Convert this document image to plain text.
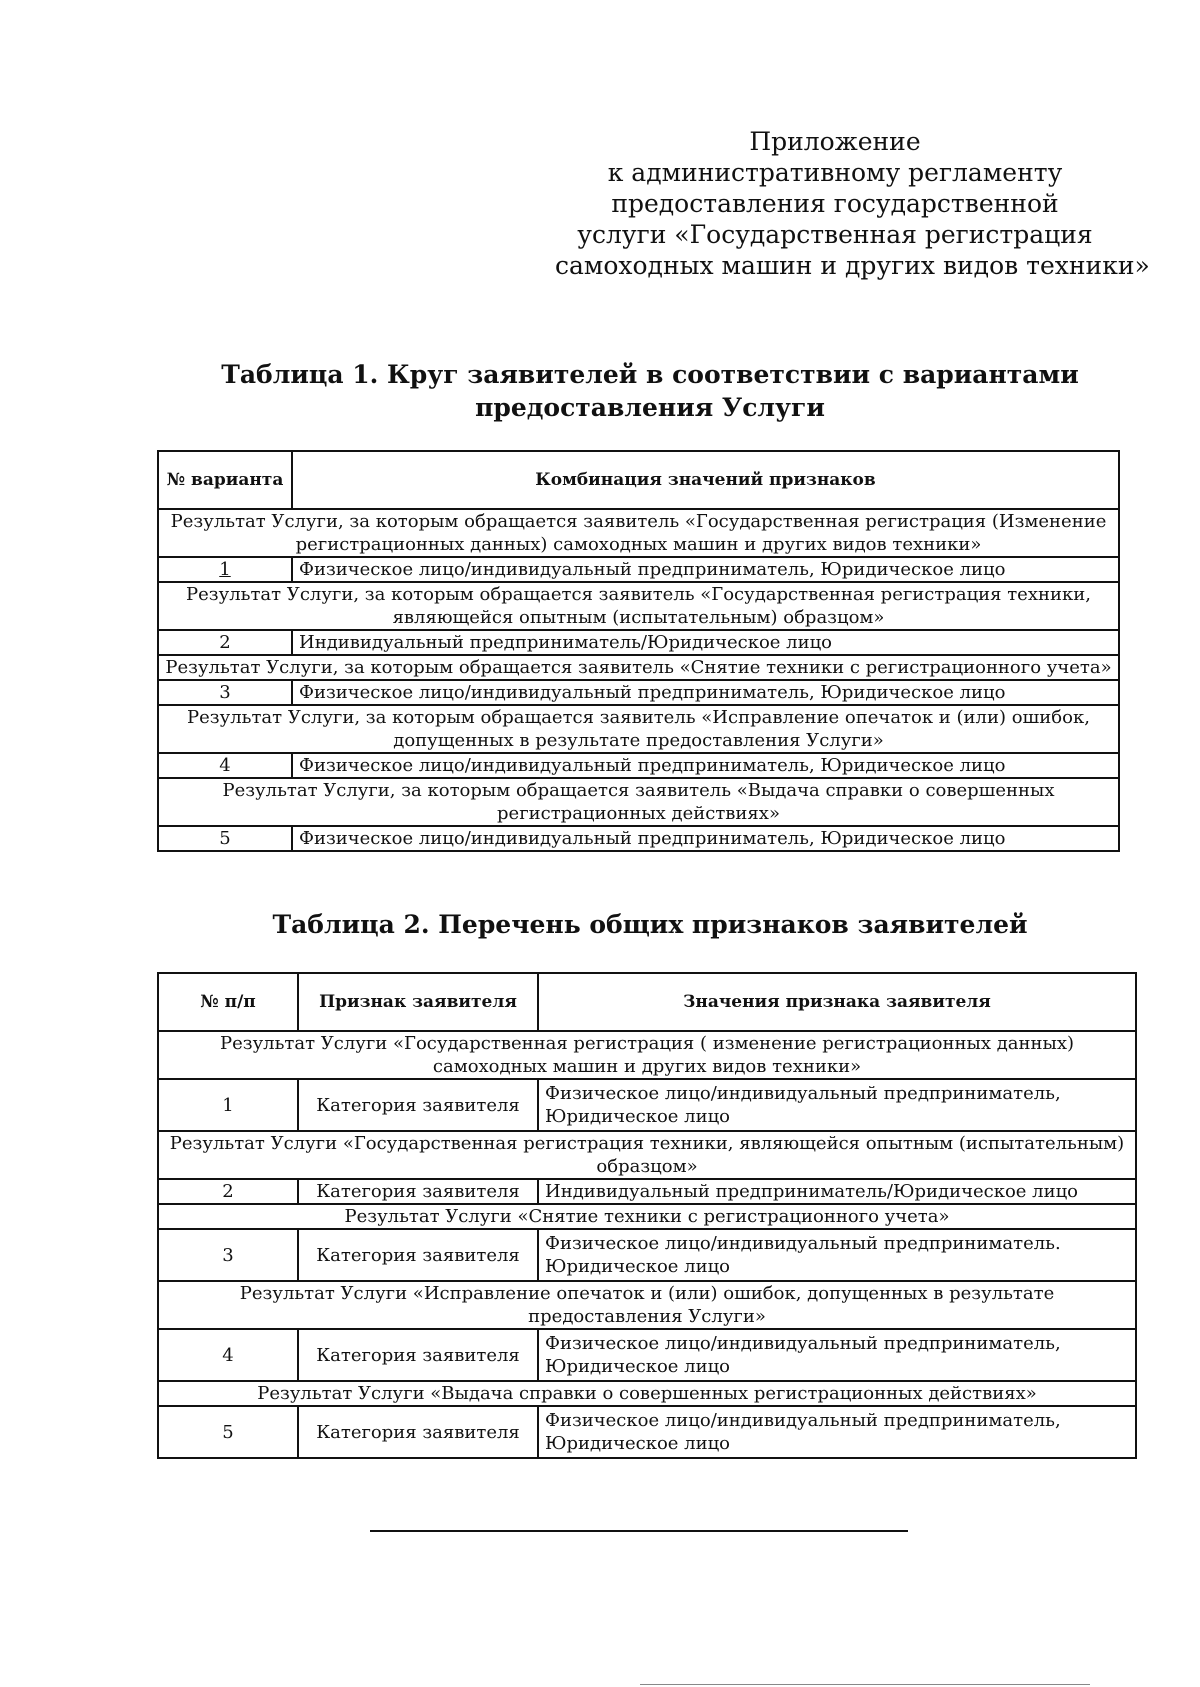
Приложение
к административному регламенту
предоставления государственной
услуги «Государственная регистрация
самоходных машин и других видов техники»
Таблица 1. Круг заявителей в соответствии с вариантами
предоставления Услуги
№ варианта	Комбинация значений признаков
Результат Услуги, за которым обращается заявитель «Государственная регистрация (Изменение регистрационных данных) самоходных машин и других видов техники»	
1	Физическое лицо/индивидуальный предприниматель, Юридическое лицо
Результат Услуги, за которым обращается заявитель «Государственная регистрация техники, являющейся опытным (испытательным) образцом»	
2	Индивидуальный предприниматель/Юридическое лицо
Результат Услуги, за которым обращается заявитель «Снятие техники с регистрационного учета»	
3	Физическое лицо/индивидуальный предприниматель, Юридическое лицо
Результат Услуги, за которым обращается заявитель «Исправление опечаток и (или) ошибок, допущенных в результате предоставления Услуги»	
4	Физическое лицо/индивидуальный предприниматель, Юридическое лицо
Результат Услуги, за которым обращается заявитель «Выдача справки о совершенных регистрационных действиях»	
5	Физическое лицо/индивидуальный предприниматель, Юридическое лицо
Таблица 2. Перечень общих признаков заявителей
№ п/п	Признак заявителя	Значения признака заявителя
Результат Услуги «Государственная регистрация ( изменение регистрационных данных) самоходных машин и других видов техники»		
1	Категория заявителя	Физическое лицо/индивидуальный предприниматель, Юридическое лицо
Результат Услуги «Государственная регистрация техники, являющейся опытным (испытательным) образцом»		
2	Категория заявителя	Индивидуальный предприниматель/Юридическое лицо
Результат Услуги «Снятие техники с регистрационного учета»		
3	Категория заявителя	Физическое лицо/индивидуальный предприниматель. Юридическое лицо
Результат Услуги «Исправление опечаток и (или) ошибок, допущенных в результате предоставления Услуги»		
4	Категория заявителя	Физическое лицо/индивидуальный предприниматель, Юридическое лицо
Результат Услуги «Выдача справки о совершенных регистрационных действиях»		
5	Категория заявителя	Физическое лицо/индивидуальный предприниматель, Юридическое лицо
